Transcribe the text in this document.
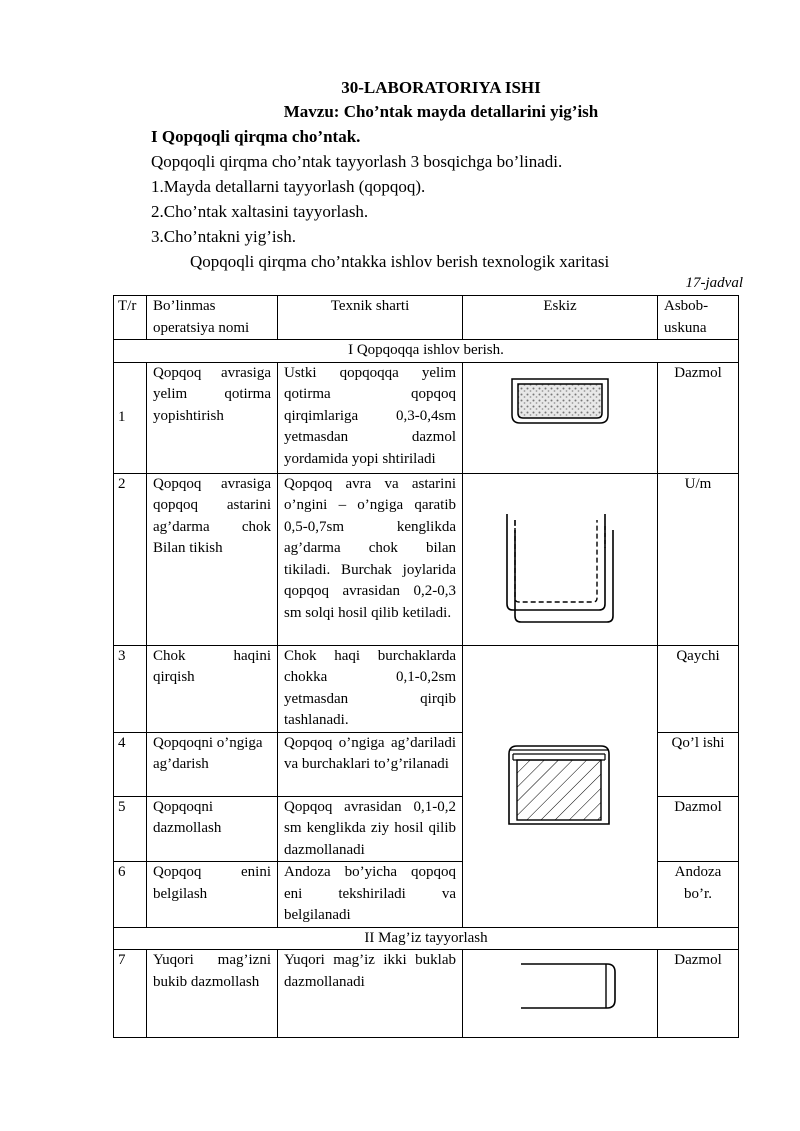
30-LABORATORIYA ISHI
Mavzu: Cho’ntak mayda detallarini yig’ish
I Qopqoqli qirqma cho’ntak.
Qopqoqli qirqma cho’ntak tayyorlash 3 bosqichga bo’linadi.
1.Mayda detallarni tayyorlash (qopqoq).
2.Cho’ntak xaltasini tayyorlash.
3.Cho’ntakni yig’ish.
Qopqoqli qirqma cho’ntakka ishlov berish texnologik xaritasi
17-jadval
T/r	Bo’linmas operatsiya nomi	Texnik sharti	Eskiz	Asbob-uskuna
I Qopqoqqa ishlov berish.				
1	Qopqoq avrasiga yelim qotirma yopishtirish	Ustki qopqoqqa yelim qotirma qopqoq qirqimlariga 0,3-0,4sm yetmasdan dazmol yordamida yopi shtiriladi		Dazmol
2	Qopqoq avrasiga qopqoq astarini ag’darma chok Bilan tikish	Qopqoq avra va astarini o’ngini – o’ngiga qaratib 0,5-0,7sm kenglikda ag’darma chok bilan tikiladi. Burchak joylarida qopqoq avrasidan 0,2-0,3 sm solqi hosil qilib ketiladi.		U/m
3	Chok haqini qirqish	Chok haqi burchaklarda chokka 0,1-0,2sm yetmasdan qirqib tashlanadi.		Qaychi
4	Qopqoqni o’ngiga ag’darish	Qopqoq o’ngiga ag’dariladi va burchaklari to’g’rilanadi		Qo’l ishi
5	Qopqoqni dazmollash	Qopqoq avrasidan 0,1-0,2 sm kenglikda ziy hosil qilib dazmollanadi		Dazmol
6	Qopqoq enini belgilash	Andoza bo’yicha qopqoq eni tekshiriladi va belgilanadi		Andoza bo’r.
II Mag’iz tayyorlash				
7	Yuqori mag’izni bukib dazmollash	Yuqori mag’iz ikki buklab dazmollanadi		Dazmol
